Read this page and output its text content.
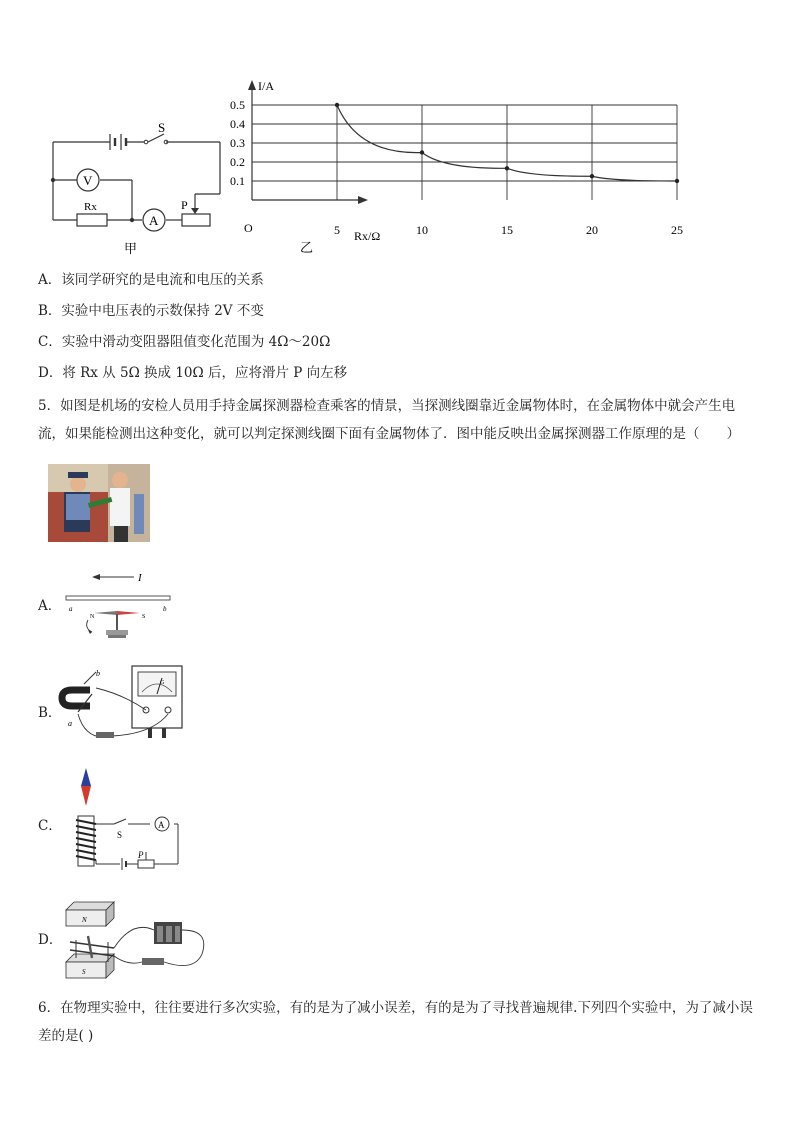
S
V
A
Rx	P
甲
I/A
Rx/Ω
O
0.5
0.4
0.3
0.2
0.1
5	10	15	20	25
乙
A．该同学研究的是电流和电压的关系
B．实验中电压表的示数保持 2V 不变
C．实验中滑动变阻器阻值变化范围为 4Ω～20Ω
D．将 Rx 从 5Ω 换成 10Ω 后，应将滑片 P 向左移
5．如图是机场的安检人员用手持金属探测器检查乘客的情景，当探测线圈靠近金属物体时，在金属物体中就会产生电流，如果能检测出这种变化，就可以判定探测线圈下面有金属物体了．图中能反映出金属探测器工作原理的是（　　）
A．
I
a	b
N	S
B．
b
a
G
C．	A
S
P
D．
N
S
6．在物理实验中，往往要进行多次实验，有的是为了减小误差，有的是为了寻找普遍规律.下列四个实验中，为了减小误差的是( )
